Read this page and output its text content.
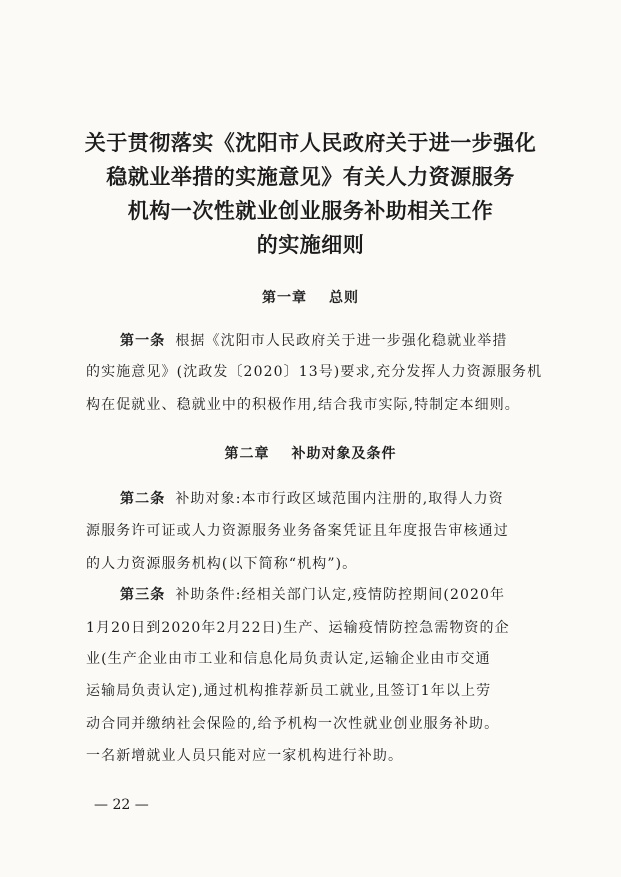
关于贯彻落实《沈阳市人民政府关于进一步强化
稳就业举措的实施意见》有关人力资源服务
机构一次性就业创业服务补助相关工作
的实施细则
第一章 总则
第一条 根据《沈阳市人民政府关于进一步强化稳就业举措
的实施意见》(沈政发〔2020〕13号)要求,充分发挥人力资源服务机
构在促就业、稳就业中的积极作用,结合我市实际,特制定本细则。
第二章 补助对象及条件
第二条 补助对象:本市行政区域范围内注册的,取得人力资
源服务许可证或人力资源服务业务备案凭证且年度报告审核通过
的人力资源服务机构(以下简称“机构”)。
第三条 补助条件:经相关部门认定,疫情防控期间(2020年
1月20日到2020年2月22日)生产、运输疫情防控急需物资的企
业(生产企业由市工业和信息化局负责认定,运输企业由市交通
运输局负责认定),通过机构推荐新员工就业,且签订1年以上劳
动合同并缴纳社会保险的,给予机构一次性就业创业服务补助。
一名新增就业人员只能对应一家机构进行补助。
— 22 —
